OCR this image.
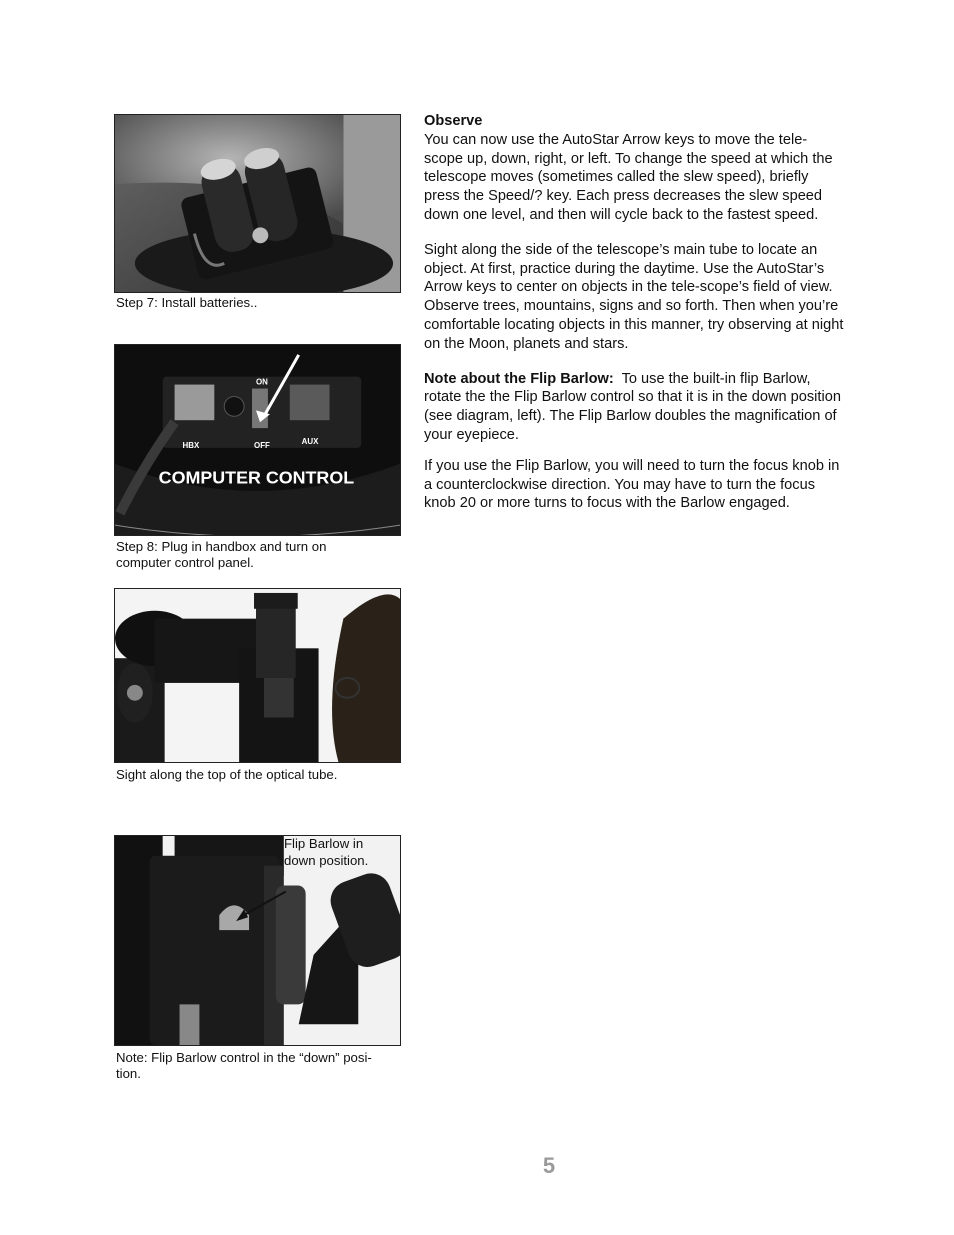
Step 7: Install batteries..
ON
OFF
HBX	AUX
COMPUTER CONTROL
Step 8: Plug in handbox and turn on
computer control panel.
Sight along the top of the optical tube.
Flip Barlow in
down position.
Note: Flip Barlow control in the “down” posi-
tion.

Observe
You can now use the AutoStar Arrow keys to move the tele-scope up, down, right, or left. To change the speed at which the telescope moves (sometimes called the slew speed), briefly press the Speed/? key. Each press decreases the slew speed down one level, and then will cycle back to the fastest speed.

Sight along the side of the telescope’s main tube to locate an object. At first, practice during the daytime. Use the AutoStar’s Arrow keys to center on objects in the tele-scope’s field of view. Observe trees, mountains, signs and so forth. Then when you’re comfortable locating objects in this manner, try observing at night on the Moon, planets and stars.

Note about the Flip Barlow: To use the built-in flip Barlow, rotate the the Flip Barlow control so that it is in the down position (see diagram, left). The Flip Barlow doubles the magnification of your eyepiece.

If you use the Flip Barlow, you will need to turn the focus knob in a counterclockwise direction. You may have to turn the focus knob 20 or more turns to focus with the Barlow engaged.

5
